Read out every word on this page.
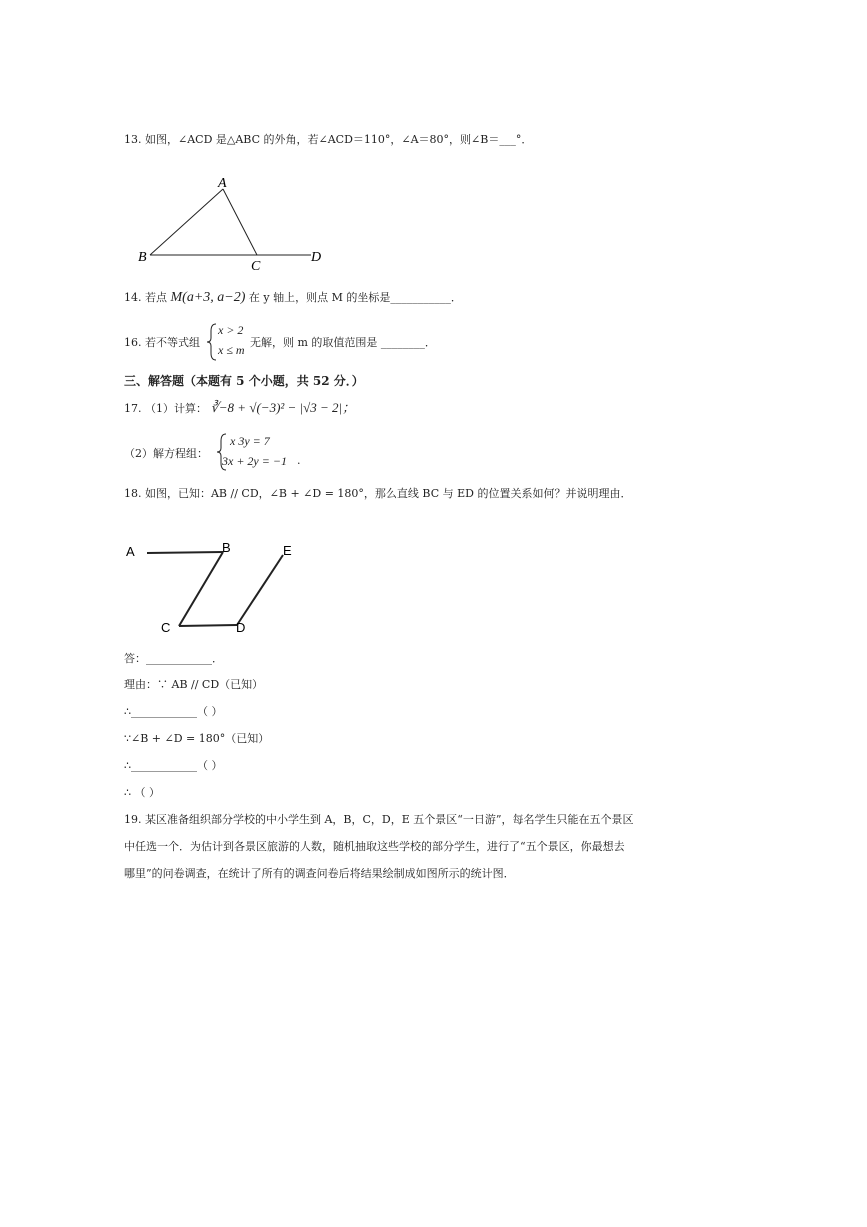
13. 如图，∠ACD 是△ABC 的外角，若∠ACD＝110°，∠A＝80°，则∠B＝___°．
A
B
C
D
14. 若点 M(a+3, a−2) 在 y 轴上，则点 M 的坐标是___________．
16. 若不等式组
x > 2
x ≤ m
无解，则 m 的取值范围是 ________．
三、解答题（本题有 5 个小题，共 52 分．）
17. （1）计算： ∛−8 + √(−3)² − |√3 − 2|；
（2）解方程组：
x 3y = 7
3x + 2y = −1 .
18. 如图，已知：AB // CD，∠B + ∠D = 180°，那么直线 BC 与 ED 的位置关系如何？并说明理由．
A	B
C	D
E
答：____________．
理由：∵ AB // CD（已知）
∴____________（ ）
∵∠B + ∠D = 180°（已知）
∴____________（ ）
∴ （ ）
19. 某区准备组织部分学校的中小学生到 A，B，C，D，E 五个景区“一日游”，每名学生只能在五个景区
中任选一个．为估计到各景区旅游的人数，随机抽取这些学校的部分学生，进行了“五个景区，你最想去
哪里”的问卷调查，在统计了所有的调查问卷后将结果绘制成如图所示的统计图．
